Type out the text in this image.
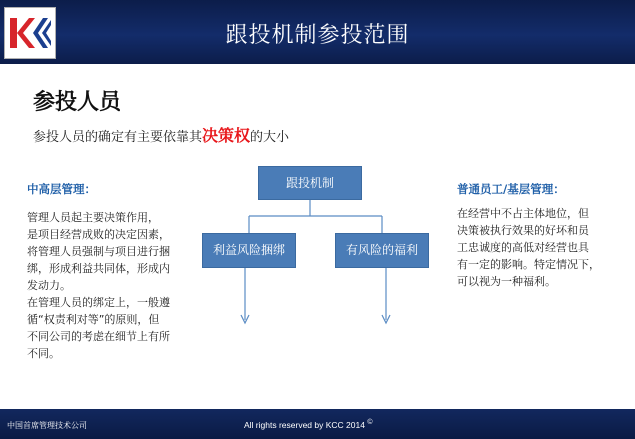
跟投机制参投范围
参投人员
参投人员的确定有主要依靠其决策权的大小
中高层管理：

管理人员起主要决策作用，

是项目经营成败的决定因素，

将管理人员强制与项目进行捆

绑，形成利益共同体，形成内

发动力。

在管理人员的绑定上，一般遵

循“权责利对等”的原则，但

不同公司的考虑在细节上有所

不同。

普通员工/基层管理：

在经营中不占主体地位，但

决策被执行效果的好坏和员

工忠诚度的高低对经营也具

有一定的影响。特定情况下，

可以视为一种福利。

跟投机制
利益风险捆绑	有风险的福利
中国首席管理技术公司	All rights reserved by KCC 2014 ©
